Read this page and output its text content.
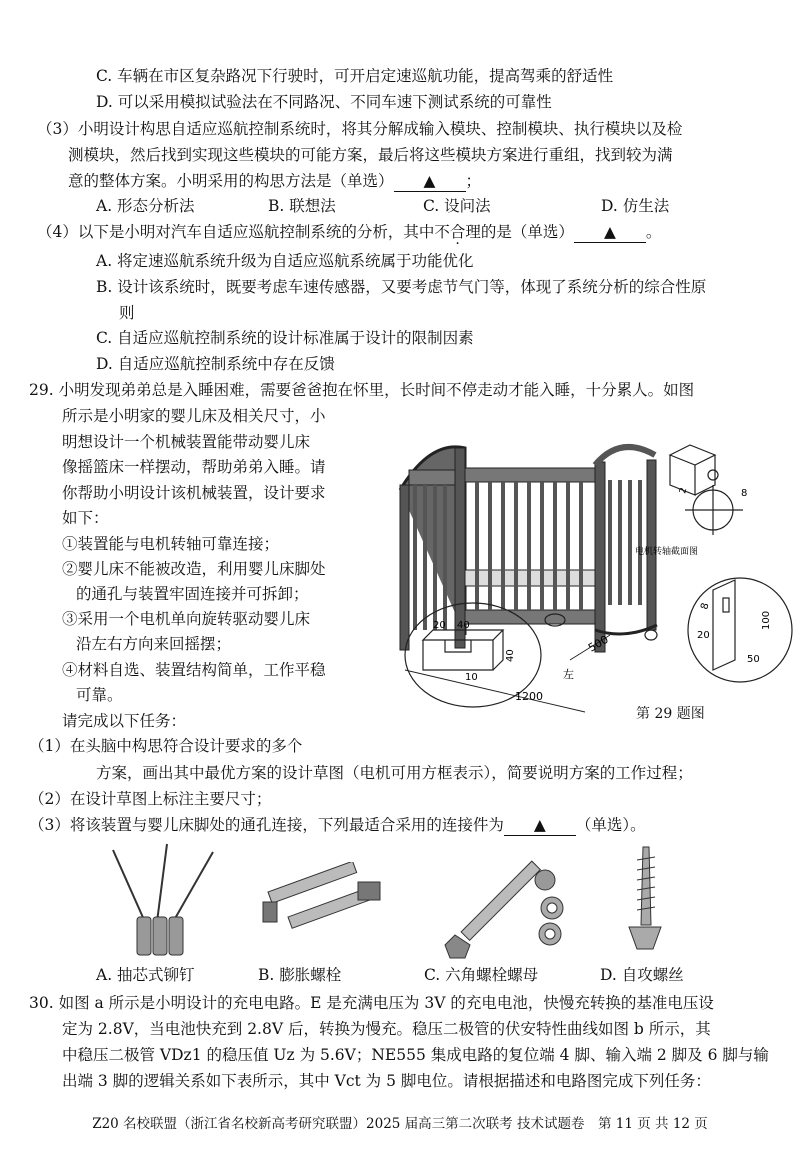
C. 车辆在市区复杂路况下行驶时，可开启定速巡航功能，提高驾乘的舒适性
D. 可以采用模拟试验法在不同路况、不同车速下测试系统的可靠性
（3）小明设计构思自适应巡航控制系统时，将其分解成输入模块、控制模块、执行模块以及检
测模块，然后找到实现这些模块的可能方案，最后将这些模块方案进行重组，找到较为满
意的整体方案。小明采用的构思方法是（单选） ▲ ；
A. 形态分析法	B. 联想法	C. 设问法	D. 仿生法
（4）以下是小明对汽车自适应巡航控制系统的分析，其中不合理的是（单选） ▲ 。
A. 将定速巡航系统升级为自适应巡航系统属于功能优化
B. 设计该系统时，既要考虑车速传感器，又要考虑节气门等，体现了系统分析的综合性原
则
C. 自适应巡航控制系统的设计标准属于设计的限制因素
D. 自适应巡航控制系统中存在反馈
29. 小明发现弟弟总是入睡困难，需要爸爸抱在怀里，长时间不停走动才能入睡，十分累人。如图
所示是小明家的婴儿床及相关尺寸，小
明想设计一个机械装置能带动婴儿床
像摇篮床一样摆动，帮助弟弟入睡。请
你帮助小明设计该机械装置，设计要求
如下：
①装置能与电机转轴可靠连接；
②婴儿床不能被改造，利用婴儿床脚处
的通孔与装置牢固连接并可拆卸；
③采用一个电机单向旋转驱动婴儿床
沿左右方向来回摇摆；
④材料自选、装置结构简单，工作平稳
可靠。
请完成以下任务：
（1）在头脑中构思符合设计要求的多个
方案，画出其中最优方案的设计草图（电机可用方框表示），简要说明方案的工作过程；
（2）在设计草图上标注主要尺寸；
（3）将该装置与婴儿床脚处的通孔连接，下列最适合采用的连接件为 ▲ （单选）。
2	8
电机转轴截面图
20 40
40
10
1200
500
左
8
100
20
50
第 29 题图
A. 抽芯式铆钉	B. 膨胀螺栓	C. 六角螺栓螺母	D. 自攻螺丝
30. 如图 a 所示是小明设计的充电电路。E 是充满电压为 3V 的充电电池，快慢充转换的基准电压设
定为 2.8V，当电池快充到 2.8V 后，转换为慢充。稳压二极管的伏安特性曲线如图 b 所示，其
中稳压二极管 VDz1 的稳压值 Uz 为 5.6V；NE555 集成电路的复位端 4 脚、输入端 2 脚及 6 脚与输
出端 3 脚的逻辑关系如下表所示，其中 Vct 为 5 脚电位。请根据描述和电路图完成下列任务：
Z20 名校联盟（浙江省名校新高考研究联盟）2025 届高三第二次联考 技术试题卷　第 11 页 共 12 页
